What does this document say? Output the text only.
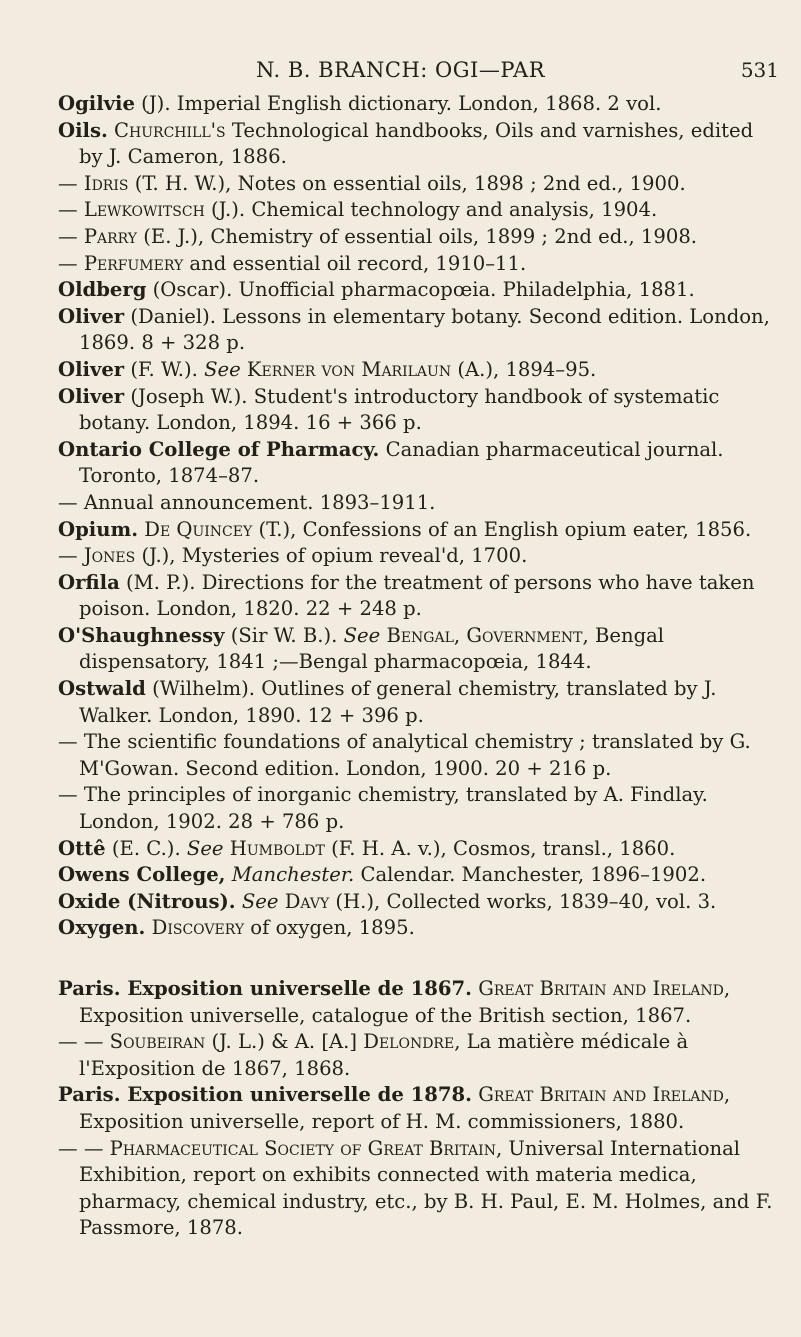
N. B. BRANCH: OGI—PAR	531
Ogilvie (J). Imperial English dictionary. London, 1868. 2 vol.
Oils. Churchill's Technological handbooks, Oils and varnishes, edited by J. Cameron, 1886.
— Idris (T. H. W.), Notes on essential oils, 1898 ; 2nd ed., 1900.
— Lewkowitsch (J.). Chemical technology and analysis, 1904.
— Parry (E. J.), Chemistry of essential oils, 1899 ; 2nd ed., 1908.
— Perfumery and essential oil record, 1910–11.
Oldberg (Oscar). Unofficial pharmacopœia. Philadelphia, 1881.
Oliver (Daniel). Lessons in elementary botany. Second edition. London, 1869. 8 + 328 p.
Oliver (F. W.). See Kerner von Marilaun (A.), 1894–95.
Oliver (Joseph W.). Student's introductory handbook of systematic botany. London, 1894. 16 + 366 p.
Ontario College of Pharmacy. Canadian pharmaceutical journal. Toronto, 1874–87.
— Annual announcement. 1893–1911.
Opium. De Quincey (T.), Confessions of an English opium eater, 1856.
— Jones (J.), Mysteries of opium reveal'd, 1700.
Orfila (M. P.). Directions for the treatment of persons who have taken poison. London, 1820. 22 + 248 p.
O'Shaughnessy (Sir W. B.). See Bengal, Government, Bengal dispensatory, 1841 ;—Bengal pharmacopœia, 1844.
Ostwald (Wilhelm). Outlines of general chemistry, translated by J. Walker. London, 1890. 12 + 396 p.
— The scientific foundations of analytical chemistry ; translated by G. M'Gowan. Second edition. London, 1900. 20 + 216 p.
— The principles of inorganic chemistry, translated by A. Findlay. London, 1902. 28 + 786 p.
Ottê (E. C.). See Humboldt (F. H. A. v.), Cosmos, transl., 1860.
Owens College, Manchester. Calendar. Manchester, 1896–1902.
Oxide (Nitrous). See Davy (H.), Collected works, 1839–40, vol. 3.
Oxygen. Discovery of oxygen, 1895.
Paris. Exposition universelle de 1867. Great Britain and Ireland, Exposition universelle, catalogue of the British section, 1867.
— — Soubeiran (J. L.) & A. [A.] Delondre, La matière médicale à l'Exposition de 1867, 1868.
Paris. Exposition universelle de 1878. Great Britain and Ireland, Exposition universelle, report of H. M. commissioners, 1880.
— — Pharmaceutical Society of Great Britain, Universal International Exhibition, report on exhibits connected with materia medica, pharmacy, chemical industry, etc., by B. H. Paul, E. M. Holmes, and F. Passmore, 1878.
